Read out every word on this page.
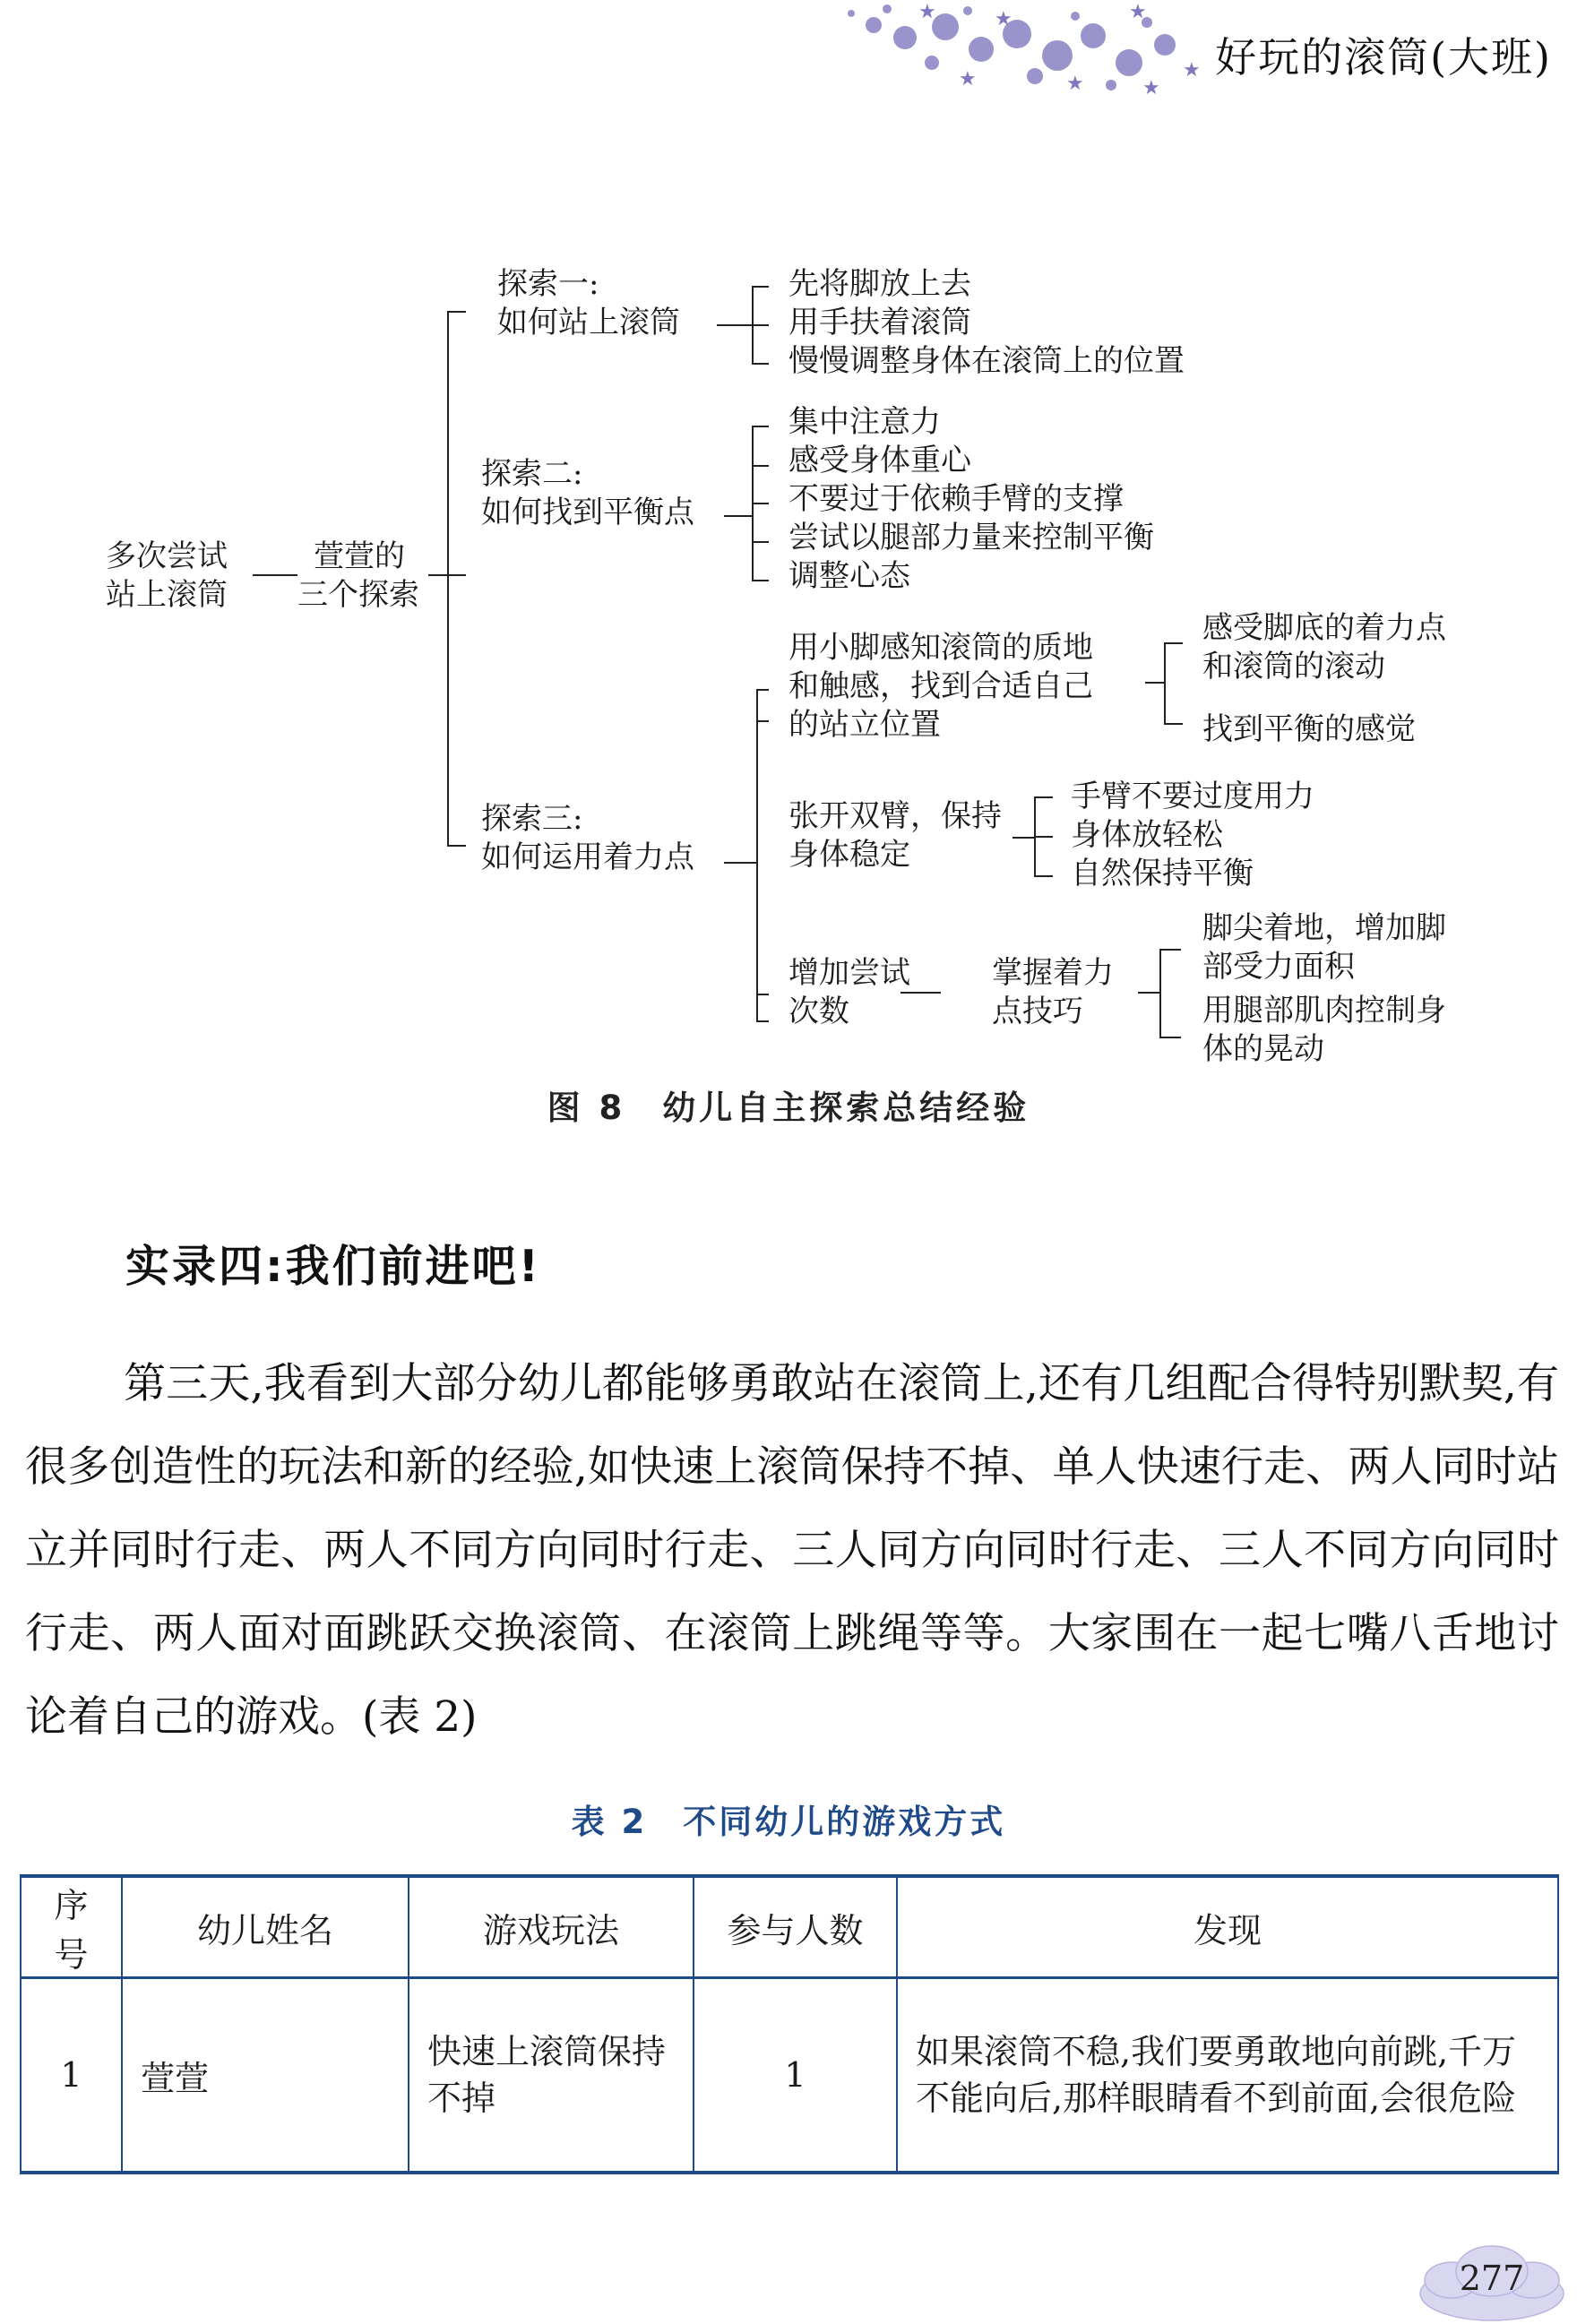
★	★
★	★	★
★
★
好玩的滚筒(大班)
多次尝试
站上滚筒
萱萱的
三个探索
探索一:
如何站上滚筒
先将脚放上去
用手扶着滚筒
慢慢调整身体在滚筒上的位置
探索二:
如何找到平衡点
集中注意力
感受身体重心
不要过于依赖手臂的支撑
尝试以腿部力量来控制平衡
调整心态
探索三:
如何运用着力点
用小脚感知滚筒的质地
和触感，找到合适自己
的站立位置
感受脚底的着力点
和滚筒的滚动
找到平衡的感觉
张开双臂，保持
身体稳定
手臂不要过度用力
身体放轻松
自然保持平衡
增加尝试
次数
掌握着力
点技巧
脚尖着地，增加脚
部受力面积
用腿部肌肉控制身
体的晃动
图 8　幼儿自主探索总结经验
实录四:我们前进吧!
第三天,我看到大部分幼儿都能够勇敢站在滚筒上,还有几组配合得特别默契,有很多创造性的玩法和新的经验,如快速上滚筒保持不掉、单人快速行走、两人同时站立并同时行走、两人不同方向同时行走、三人同方向同时行走、三人不同方向同时行走、两人面对面跳跃交换滚筒、在滚筒上跳绳等等。大家围在一起七嘴八舌地讨论着自己的游戏。(表 2)
表 2　不同幼儿的游戏方式
序号	幼儿姓名	游戏玩法	参与人数	发现
1	萱萱	快速上滚筒保持不掉	1	如果滚筒不稳,我们要勇敢地向前跳,千万不能向后,那样眼睛看不到前面,会很危险
277
